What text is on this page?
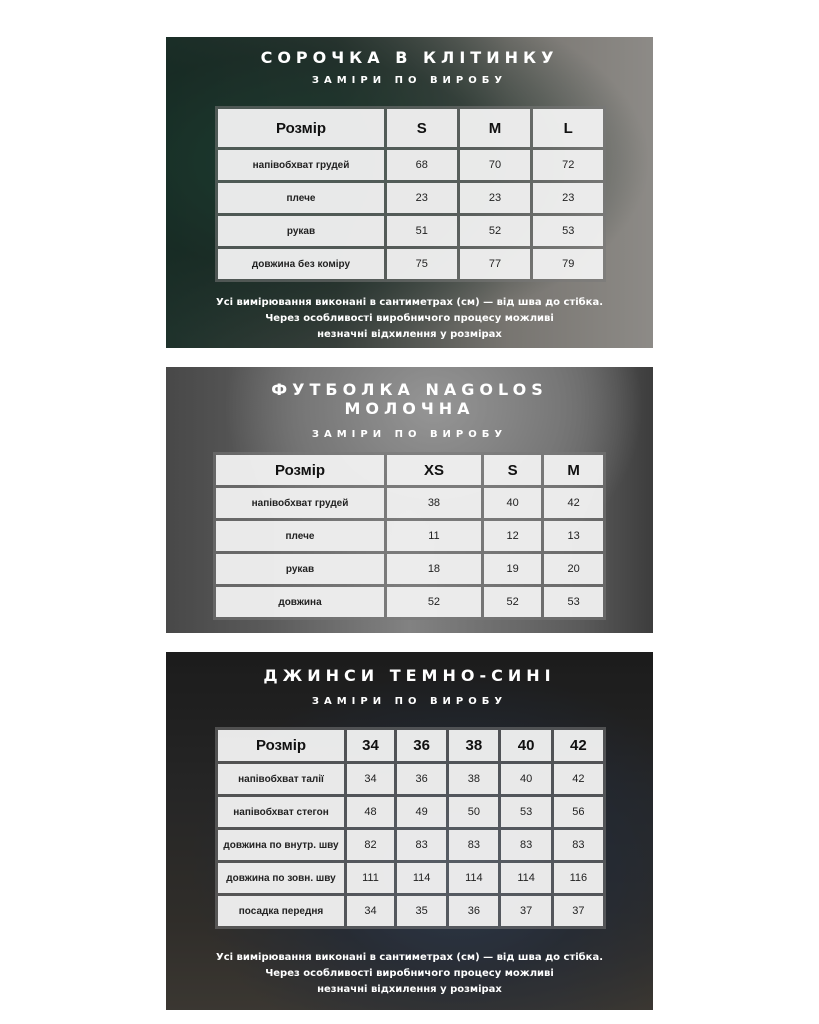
СОРОЧКА В КЛІТИНКУ
ЗАМІРИ ПО ВИРОБУ
Розмір	S	M	L
напівобхват грудей	68	70	72
плече	23	23	23
рукав	51	52	53
довжина без коміру	75	77	79
Усі вимірювання виконані в сантиметрах (см) — від шва до стібка.
Через особливості виробничого процесу можливі
незначні відхилення у розмірах
ФУТБОЛКА NAGOLOS
МОЛОЧНА
ЗАМІРИ ПО ВИРОБУ
Розмір	XS	S	M
напівобхват грудей	38	40	42
плече	11	12	13
рукав	18	19	20
довжина	52	52	53
ДЖИНСИ ТЕМНО-СИНІ
ЗАМІРИ ПО ВИРОБУ
Розмір	34	36	38	40	42
напівобхват талії	34	36	38	40	42
напівобхват стегон	48	49	50	53	56
довжина по внутр. шву	82	83	83	83	83
довжина по зовн. шву	111	114	114	114	116
посадка передня	34	35	36	37	37
Усі вимірювання виконані в сантиметрах (см) — від шва до стібка.
Через особливості виробничого процесу можливі
незначні відхилення у розмірах
